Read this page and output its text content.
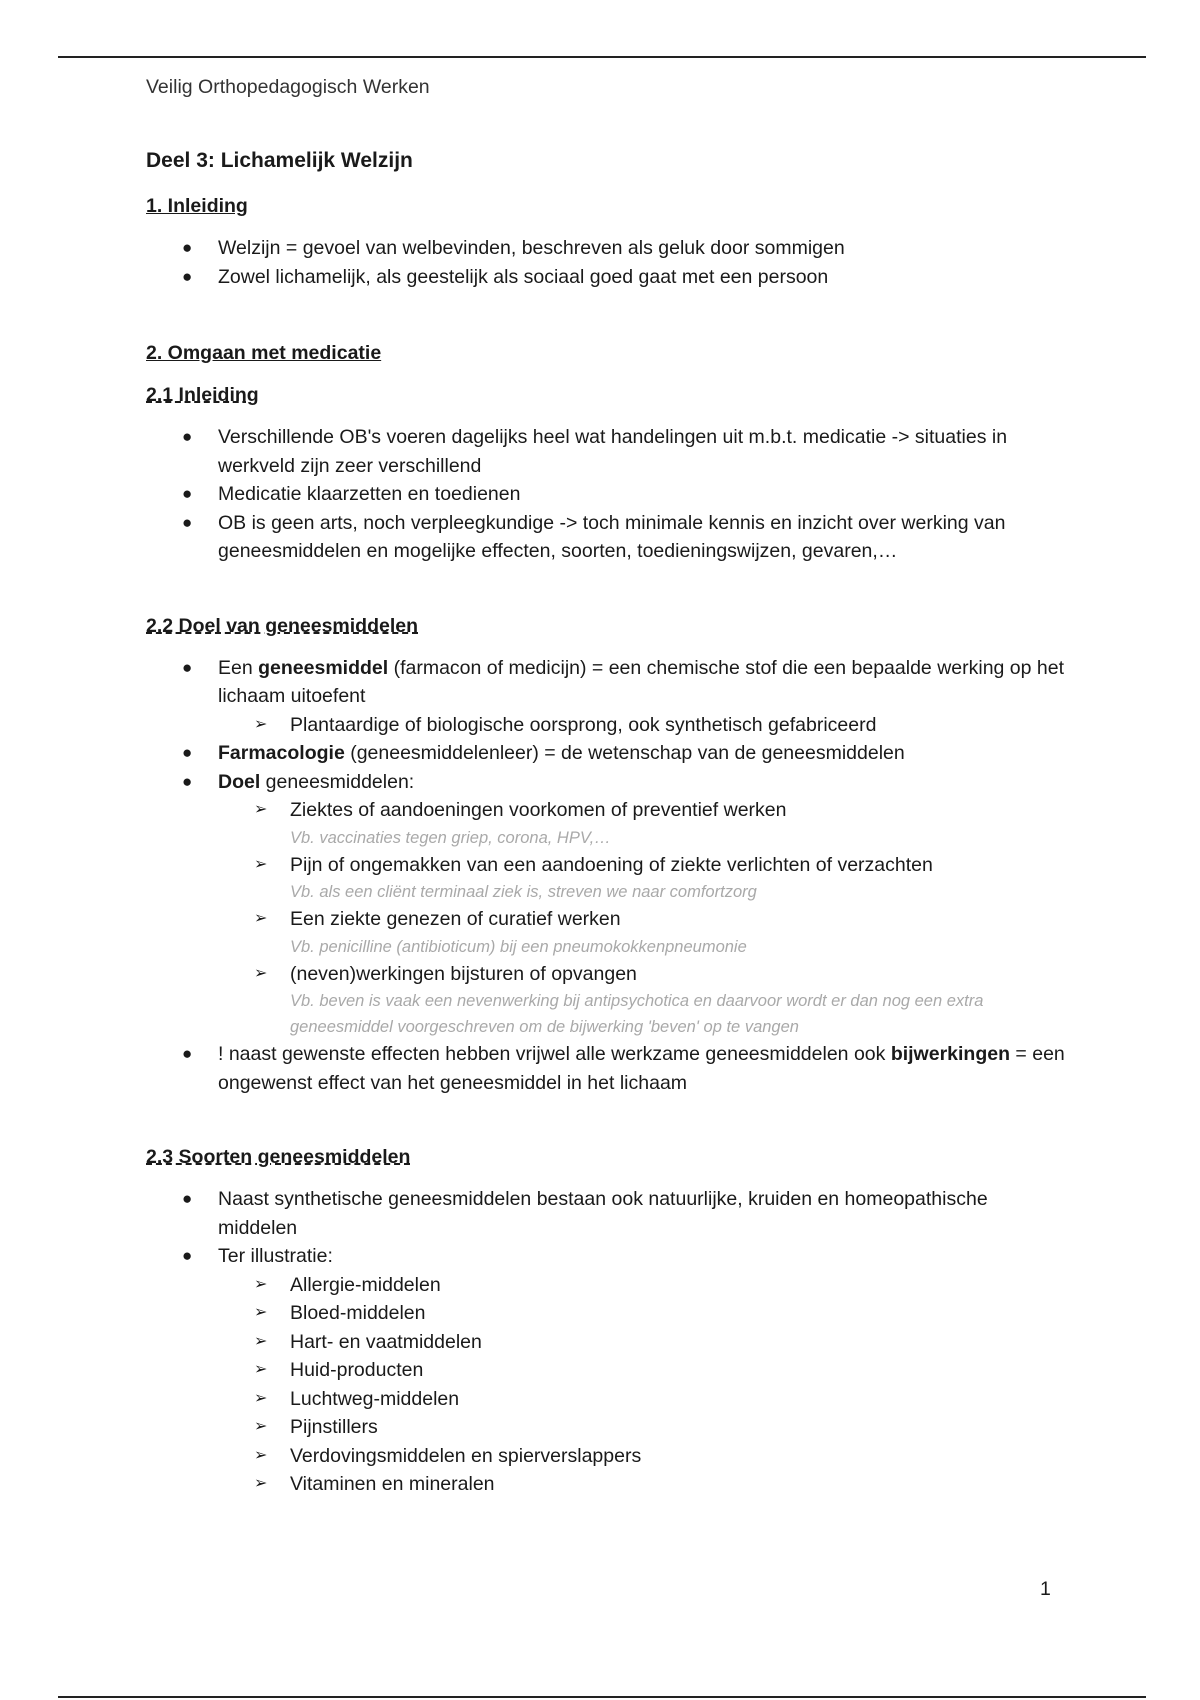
Veilig Orthopedagogisch Werken

Deel 3: Lichamelijk Welzijn

1. Inleiding

● Welzijn = gevoel van welbevinden, beschreven als geluk door sommigen
● Zowel lichamelijk, als geestelijk als sociaal goed gaat met een persoon

2. Omgaan met medicatie

2.1 Inleiding

● Verschillende OB's voeren dagelijks heel wat handelingen uit m.b.t. medicatie -> situaties in werkveld zijn zeer verschillend
● Medicatie klaarzetten en toedienen
● OB is geen arts, noch verpleegkundige -> toch minimale kennis en inzicht over werking van geneesmiddelen en mogelijke effecten, soorten, toedieningswijzen, gevaren,…

2.2 Doel van geneesmiddelen

● Een geneesmiddel (farmacon of medicijn) = een chemische stof die een bepaalde werking op het lichaam uitoefent
➢ Plantaardige of biologische oorsprong, ook synthetisch gefabriceerd
● Farmacologie (geneesmiddelenleer) = de wetenschap van de geneesmiddelen
● Doel geneesmiddelen:
➢ Ziektes of aandoeningen voorkomen of preventief werken
Vb. vaccinaties tegen griep, corona, HPV,…
➢ Pijn of ongemakken van een aandoening of ziekte verlichten of verzachten
Vb. als een cliënt terminaal ziek is, streven we naar comfortzorg
➢ Een ziekte genezen of curatief werken
Vb. penicilline (antibioticum) bij een pneumokokkenpneumonie
➢ (neven)werkingen bijsturen of opvangen
Vb. beven is vaak een nevenwerking bij antipsychotica en daarvoor wordt er dan nog een extra geneesmiddel voorgeschreven om de bijwerking 'beven' op te vangen
● ! naast gewenste effecten hebben vrijwel alle werkzame geneesmiddelen ook bijwerkingen = een ongewenst effect van het geneesmiddel in het lichaam

2.3 Soorten geneesmiddelen

● Naast synthetische geneesmiddelen bestaan ook natuurlijke, kruiden en homeopathische middelen
● Ter illustratie:
➢ Allergie-middelen
➢ Bloed-middelen
➢ Hart- en vaatmiddelen
➢ Huid-producten
➢ Luchtweg-middelen
➢ Pijnstillers
➢ Verdovingsmiddelen en spierverslappers
➢ Vitaminen en mineralen
1
